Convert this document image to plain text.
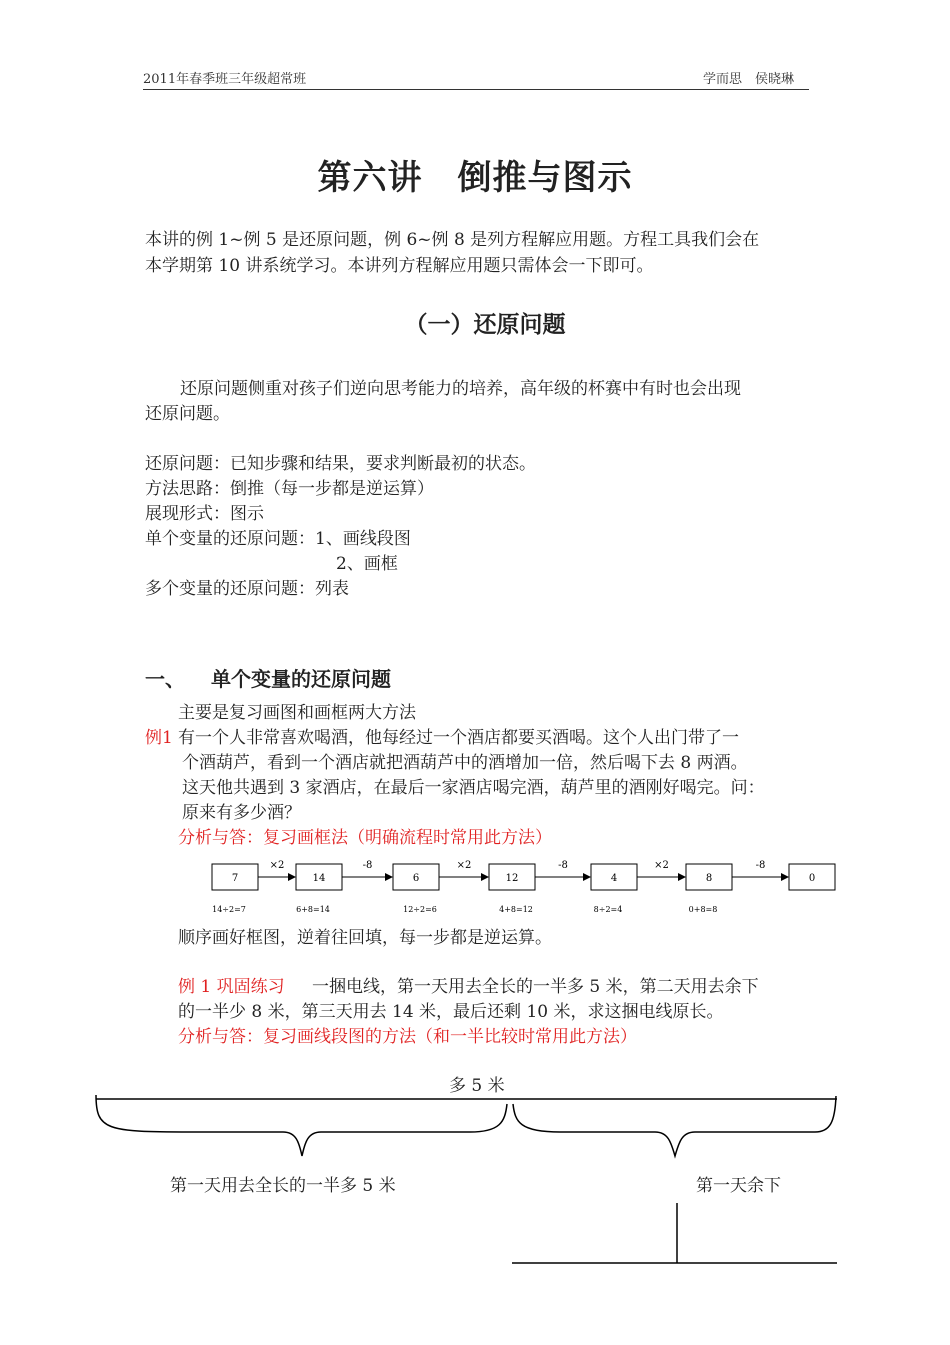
2011年春季班三年级超常班	学而思　侯晓琳
第六讲　倒推与图示
本讲的例 1~例 5 是还原问题，例 6~例 8 是列方程解应用题。方程工具我们会在
本学期第 10 讲系统学习。本讲列方程解应用题只需体会一下即可。
（一）还原问题
还原问题侧重对孩子们逆向思考能力的培养，高年级的杯赛中有时也会出现
还原问题。
还原问题：已知步骤和结果，要求判断最初的状态。
方法思路：倒推（每一步都是逆运算）
展现形式：图示
单个变量的还原问题：1、画线段图
2、画框
多个变量的还原问题：列表
一、 单个变量的还原问题
主要是复习画图和画框两大方法
例1 有一个人非常喜欢喝酒，他每经过一个酒店都要买酒喝。这个人出门带了一
个酒葫芦，看到一个酒店就把酒葫芦中的酒增加一倍，然后喝下去 8 两酒。
这天他共遇到 3 家酒店，在最后一家酒店喝完酒，葫芦里的酒刚好喝完。问：
原来有多少酒？
分析与答：复习画框法（明确流程时常用此方法）
7	14	6	12	4	8	0
×2	-8	×2	-8	×2	-8
14÷2=7	6+8=14	12÷2=6	4+8=12	8÷2=4	0+8=8
顺序画好框图，逆着往回填，每一步都是逆运算。
例 1 巩固练习 一捆电线，第一天用去全长的一半多 5 米，第二天用去余下
的一半少 8 米，第三天用去 14 米，最后还剩 10 米，求这捆电线原长。
分析与答：复习画线段图的方法（和一半比较时常用此方法）
多 5 米
第一天用去全长的一半多 5 米	第一天余下
